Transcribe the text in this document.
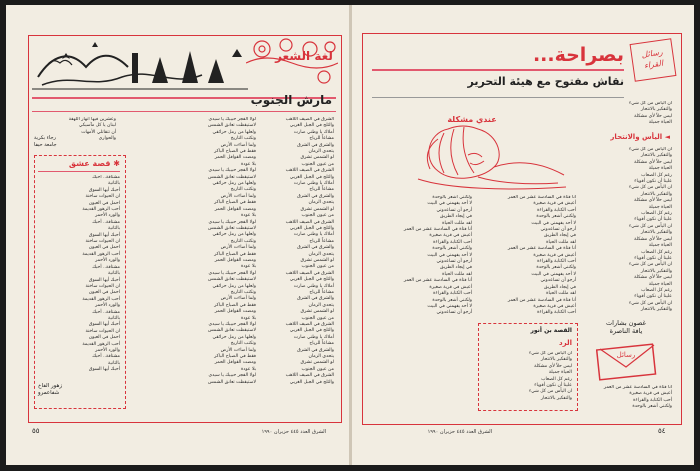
لغة الشعر
مارش الجنوب
الشرق في الصيف اللاهب
والثلج في الجبل الغربي
أملاك يا وطني صارت
مشاعاً للرياح
والشرق في الشرق
يتحدى الزمان
لو الشمس تشرق
من عيون الجنوب
الشرق في الصيف اللاهب
والثلج في الجبل الغربي
أملاك يا وطني صارت
مشاعاً للرياح
والشرق في الشرق
يتحدى الزمان
لو الشمس تشرق
من عيون الجنوب
الشرق في الصيف اللاهب
والثلج في الجبل الغربي
أملاك يا وطني صارت
مشاعاً للرياح
والشرق في الشرق
يتحدى الزمان
لو الشمس تشرق
من عيون الجنوب
الشرق في الصيف اللاهب
والثلج في الجبل الغربي
أملاك يا وطني صارت
مشاعاً للرياح
والشرق في الشرق
يتحدى الزمان
لو الشمس تشرق
من عيون الجنوب
الشرق في الصيف اللاهب
والثلج في الجبل الغربي
أملاك يا وطني صارت
مشاعاً للرياح
والشرق في الشرق
يتحدى الزمان
لو الشمس تشرق
من عيون الجنوب
الشرق في الصيف اللاهب
والثلج في الجبل الغربي
لولا الفجر حبيبك يا سيدي
لاستيقظت تعانق الشمس
ولعلها من رمل حرائقي
وتكتب التاريخ
ولما أضاءت الأرض
فقط في الصباح الباكر
ومضت القوافل الحمر
بلا عودة
لولا الفجر حبيبك يا سيدي
لاستيقظت تعانق الشمس
ولعلها من رمل حرائقي
وتكتب التاريخ
ولما أضاءت الأرض
فقط في الصباح الباكر
ومضت القوافل الحمر
بلا عودة
لولا الفجر حبيبك يا سيدي
لاستيقظت تعانق الشمس
ولعلها من رمل حرائقي
وتكتب التاريخ
ولما أضاءت الأرض
فقط في الصباح الباكر
ومضت القوافل الحمر
بلا عودة
لولا الفجر حبيبك يا سيدي
لاستيقظت تعانق الشمس
ولعلها من رمل حرائقي
وتكتب التاريخ
ولما أضاءت الأرض
فقط في الصباح الباكر
ومضت القوافل الحمر
بلا عودة
لولا الفجر حبيبك يا سيدي
لاستيقظت تعانق الشمس
ولعلها من رمل حرائقي
وتكتب التاريخ
ولما أضاءت الأرض
فقط في الصباح الباكر
ومضت القوافل الحمر
بلا عودة
لولا الفجر حبيبك يا سيدي
لاستيقظت تعانق الشمس
وعشرين فيها أنهار اللهفة
لبنان يا كل مآسيكي
أن تتقاتلي الأمهات
والحواري
رجاء بكرية
جامعة حيفا
✱ قصة عشق
مشتاقة.. أحبك
بالثانية
أحبك أيها السوق
ان الحيوات ساخنة
احمل في العيون
أحب الزهور القديمة
والورد الأحمر
مشتاقة.. أحبك
بالثانية
أحبك أيها السوق
ان الحيوات ساخنة
احمل في العيون
أحب الزهور القديمة
والورد الأحمر
مشتاقة.. أحبك
بالثانية
أحبك أيها السوق
ان الحيوات ساخنة
احمل في العيون
أحب الزهور القديمة
والورد الأحمر
مشتاقة.. أحبك
بالثانية
أحبك أيها السوق
ان الحيوات ساخنة
احمل في العيون
أحب الزهور القديمة
والورد الأحمر
مشتاقة.. أحبك
بالثانية
أحبك أيها السوق
زهور الفاخ
شفاعمرو
٥٥	الشرق العدد ٤٤٥ حزيران ١٩٩٠
رسائل القراء
بصراحة...
نقاش مفتوح مع هيئة التحرير
عندي مشكلة
◄ اليأس والانتحار
ان اليأس من كل شيء
والتفكير بالانتحار
ليس حلاً لأي مشكلة
الحياة جميلة
ان اليأس من كل شيء
والتفكير بالانتحار
ليس حلاً لأي مشكلة
الحياة جميلة
رغم كل الصعاب
علينا أن نكون أقوياء
ان اليأس من كل شيء
والتفكير بالانتحار
ليس حلاً لأي مشكلة
الحياة جميلة
رغم كل الصعاب
علينا أن نكون أقوياء
ان اليأس من كل شيء
والتفكير بالانتحار
ليس حلاً لأي مشكلة
الحياة جميلة
رغم كل الصعاب
علينا أن نكون أقوياء
ان اليأس من كل شيء
والتفكير بالانتحار
ليس حلاً لأي مشكلة
الحياة جميلة
رغم كل الصعاب
علينا أن نكون أقوياء
ان اليأس من كل شيء
والتفكير بالانتحار
غصون بشارات
يافة الناصرة
رسائل
أنا فتاة في السادسة عشر من العمر
أعيش في قرية صغيرة
أحب الكتابة والقراءة
ولكنني أشعر بالوحدة
لا أحد يفهمني في البيت
أرجو أن تساعدوني
في إيجاد الطريق
لقد مللت الحياة
أنا فتاة في السادسة عشر من العمر
أعيش في قرية صغيرة
أحب الكتابة والقراءة
ولكنني أشعر بالوحدة
لا أحد يفهمني في البيت
أرجو أن تساعدوني
في إيجاد الطريق
لقد مللت الحياة
أنا فتاة في السادسة عشر من العمر
أعيش في قرية صغيرة
أحب الكتابة والقراءة
ولكنني أشعر بالوحدة
لا أحد يفهمني في البيت
أرجو أن تساعدوني
في إيجاد الطريق
لقد مللت الحياة
أنا فتاة في السادسة عشر من العمر
أعيش في قرية صغيرة
أحب الكتابة والقراءة
ولكنني أشعر بالوحدة
لا أحد يفهمني في البيت
أرجو أن تساعدوني
في إيجاد الطريق
لقد مللت الحياة
أنا فتاة في السادسة عشر من العمر
أعيش في قرية صغيرة
أحب الكتابة والقراءة
ولكنني أشعر بالوحدة
لا أحد يفهمني في البيت
أرجو أن تساعدوني
القصة بن أنور
الرد
ان اليأس من كل شيء
والتفكير بالانتحار
ليس حلاً لأي مشكلة
الحياة جميلة
رغم كل الصعاب
علينا أن نكون أقوياء
ان اليأس من كل شيء
والتفكير بالانتحار
أنا فتاة في السادسة عشر من العمر
أعيش في قرية صغيرة
أحب الكتابة والقراءة
ولكنني أشعر بالوحدة
الشرق العدد ٤٤٥ حزيران ١٩٩٠	٥٤
